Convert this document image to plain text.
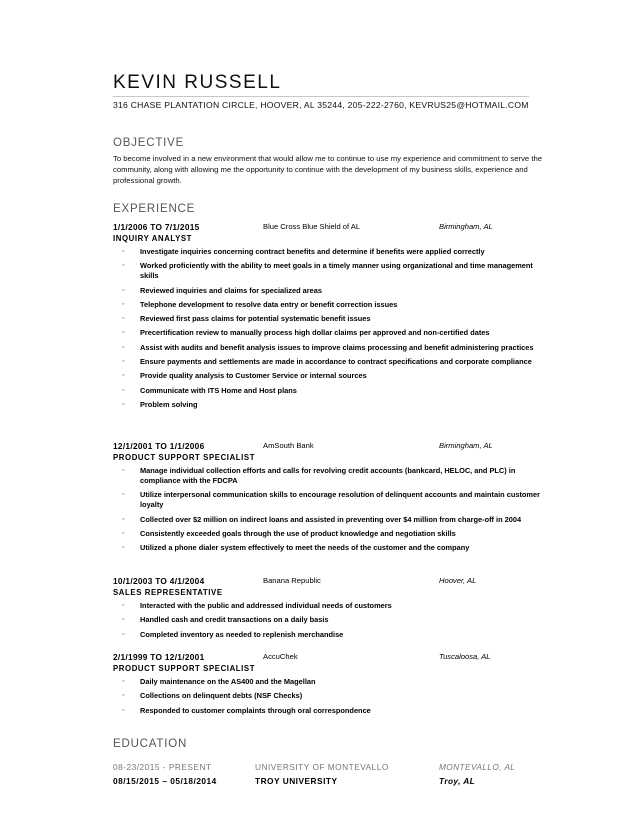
KEVIN RUSSELL
316 CHASE PLANTATION CIRCLE, HOOVER, AL 35244, 205-222-2760, KEVRUS25@HOTMAIL.COM
OBJECTIVE
To become involved in a new environment that would allow me to continue to use my experience and commitment to serve the community, along with allowing me the opportunity to continue with the development of my business skills, experience and professional growth.
EXPERIENCE
1/1/2006 TO 7/1/2015	Blue Cross Blue Shield of AL	Birmingham, AL
INQUIRY ANALYST
◦ Investigate inquiries concerning contract benefits and determine if benefits were applied correctly
◦ Worked proficiently with the ability to meet goals in a timely manner using organizational and time management skills
◦ Reviewed inquiries and claims for specialized areas
◦ Telephone development to resolve data entry or benefit correction issues
◦ Reviewed first pass claims for potential systematic benefit issues
◦ Precertification review to manually process high dollar claims per approved and non-certified dates
◦ Assist with audits and benefit analysis issues to improve claims processing and benefit administering practices
◦ Ensure payments and settlements are made in accordance to contract specifications and corporate compliance
◦ Provide quality analysis to Customer Service or internal sources
◦ Communicate with ITS Home and Host plans
◦ Problem solving
12/1/2001 TO 1/1/2006	AmSouth Bank	Birmingham, AL
PRODUCT SUPPORT SPECIALIST
◦ Manage individual collection efforts and calls for revolving credit accounts (bankcard, HELOC, and PLC) in compliance with the FDCPA
◦ Utilize interpersonal communication skills to encourage resolution of delinquent accounts and maintain customer loyalty
◦ Collected over $2 million on indirect loans and assisted in preventing over $4 million from charge-off in 2004
◦ Consistently exceeded goals through the use of product knowledge and negotiation skills
◦ Utilized a phone dialer system effectively to meet the needs of the customer and the company
10/1/2003 TO 4/1/2004	Banana Republic	Hoover, AL
SALES REPRESENTATIVE
◦ Interacted with the public and addressed individual needs of customers
◦ Handled cash and credit transactions on a daily basis
◦ Completed inventory as needed to replenish merchandise
2/1/1999 TO 12/1/2001	AccuChek	Tuscaloosa, AL
PRODUCT SUPPORT SPECIALIST
◦ Daily maintenance on the AS400 and the Magellan
◦ Collections on delinquent debts (NSF Checks)
◦ Responded to customer complaints through oral correspondence
EDUCATION
08-23/2015 - PRESENT	UNIVERSITY OF MONTEVALLO	MONTEVALLO, AL
08/15/2015 – 05/18/2014	TROY UNIVERSITY	Troy, AL
